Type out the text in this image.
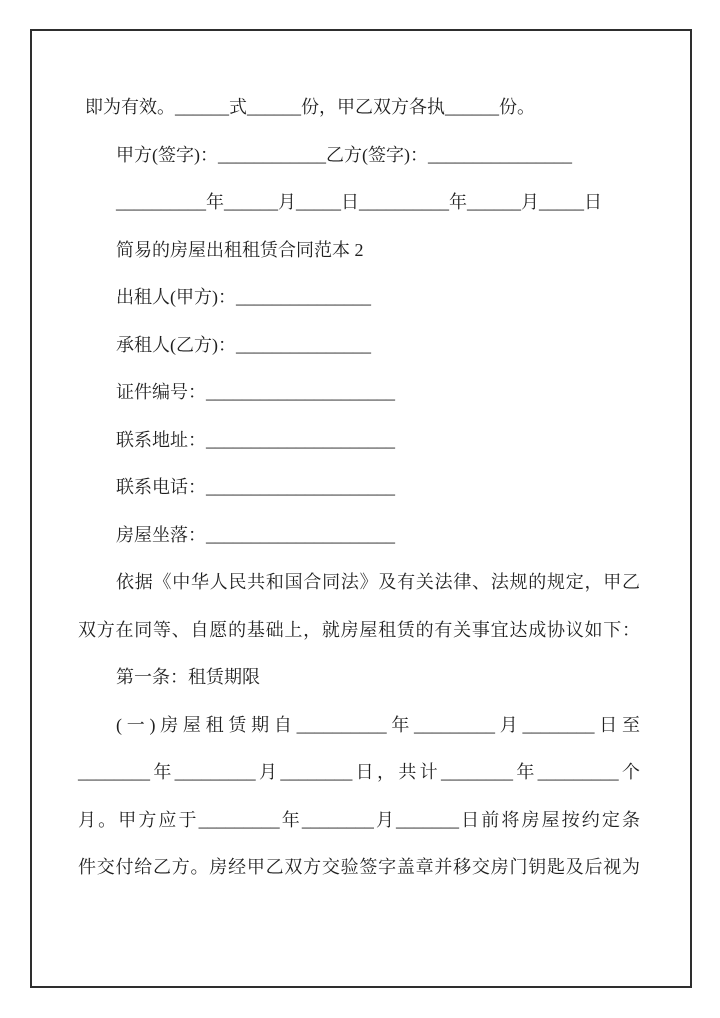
即为有效。______式______份，甲乙双方各执______份。
甲方(签字)：____________乙方(签字)：________________
__________年______月_____日__________年______月_____日
简易的房屋出租租赁合同范本 2
出租人(甲方)：_______________
承租人(乙方)：_______________
证件编号：_____________________
联系地址：_____________________
联系电话：_____________________
房屋坐落：_____________________
依据《中华人民共和国合同法》及有关法律、法规的规定，甲乙
双方在同等、自愿的基础上，就房屋租赁的有关事宜达成协议如下：
第一条：租赁期限
(一)房屋租赁期自__________年_________月________日至
________年_________月________日，共计________年_________个
月。甲方应于_________年________月_______日前将房屋按约定条
件交付给乙方。房经甲乙双方交验签字盖章并移交房门钥匙及后视为
